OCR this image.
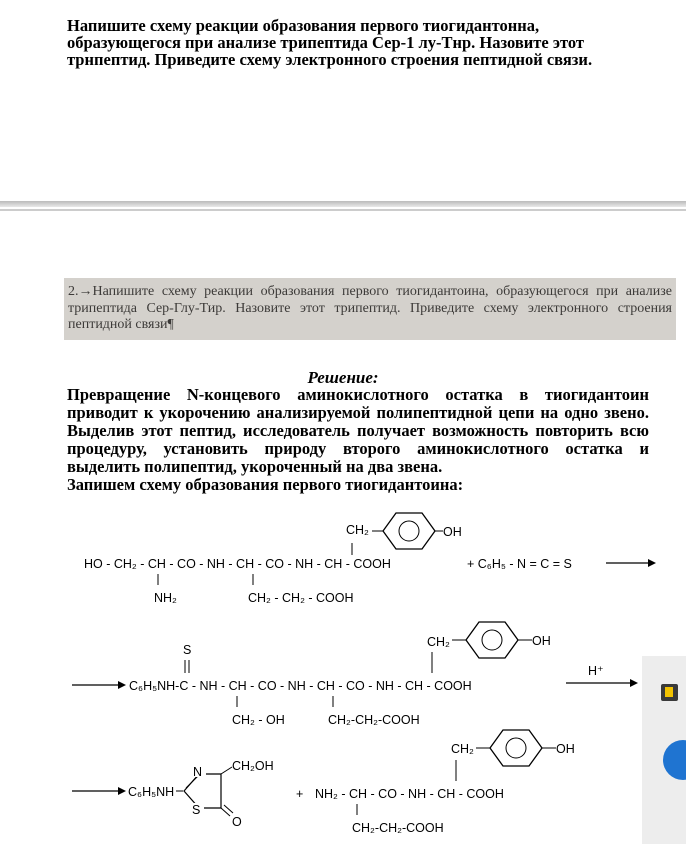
Напишите схему реакции образования первого тиогидантонна, образующегося при анализе трипептида Сер-1 лу-Тнр. Назовите этот трнпептид. Приведите схему электронного строения пептидной связи.
2.→Напишите схему реакции образования первого тиогидантоина, образующегося при анализе трипептида Сер-Глу-Тир. Назовите этот трипептид. Приведите схему электронного строения пептидной связи¶
Решение:

Превращение N-концевого аминокислотного остатка в тиогидантоин приводит к укорочению анализируемой полипептидной цепи на одно звено. Выделив этот пептид, исследователь получает возможность повторить всю процедуру, установить природу второго аминокислотного остатка и выделить полипептид, укороченный на два звена.

Запишем схему образования первого тиогидантоина:

HO - CH₂ - CH - CO - NH - CH - CO - NH - CH - COOH
NH₂	CH₂ - CH₂ - COOH
CH₂	OH
+ C₆H₅ - N = C = S
C₆H₅NH-C - NH - CH - CO - NH - CH - CO - NH - CH - COOH
S
CH₂ - OH	CH₂-CH₂-COOH
CH₂	OH
H⁺
C₆H₅NH
N
S
CH₂OH
O
+ NH₂ - CH - CO - NH - CH - COOH
CH₂-CH₂-COOH
CH₂	OH
